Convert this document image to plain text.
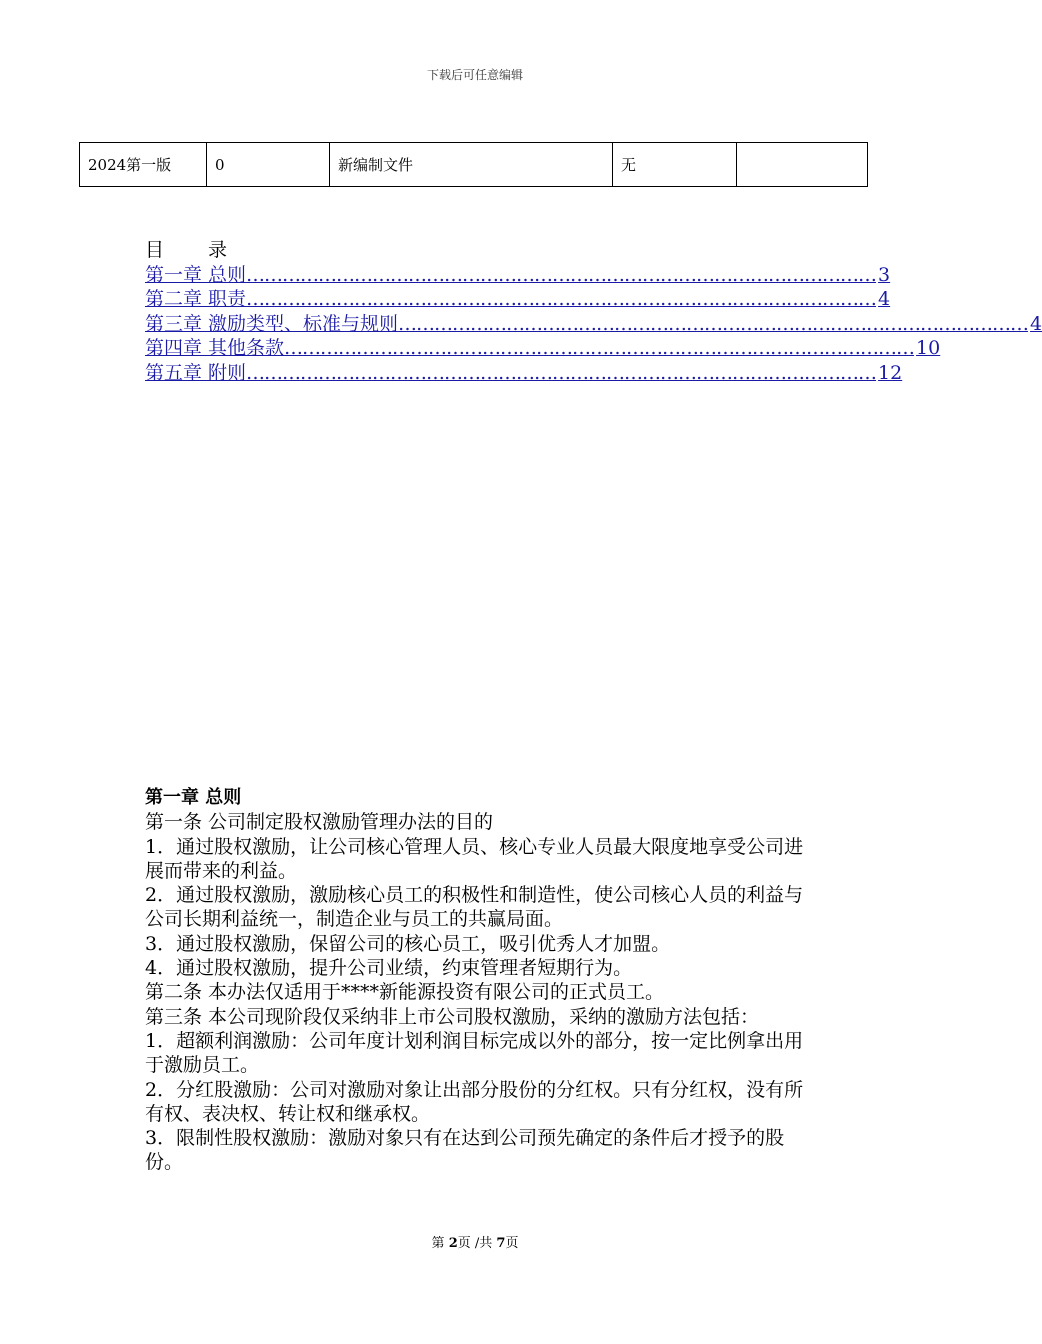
下载后可任意编辑
2024第一版	0	新编制文件	无	
目 录
第一章 总则 …………………………………………………………………………………………… 3
第二章 职责 …………………………………………………………………………………………… 4
第三章 激励类型、标准与规则 …………………………………………………………………………………………… 4
第四章 其他条款 …………………………………………………………………………………………… 10
第五章 附则 …………………………………………………………………………………………… 12

第一章 总则

第一条 公司制定股权激励管理办法的目的

1．通过股权激励，让公司核心管理人员、核心专业人员最大限度地享受公司进展而带来的利益。

2．通过股权激励，激励核心员工的积极性和制造性，使公司核心人员的利益与公司长期利益统一，制造企业与员工的共赢局面。

3．通过股权激励，保留公司的核心员工，吸引优秀人才加盟。

4．通过股权激励，提升公司业绩，约束管理者短期行为。

第二条 本办法仅适用于****新能源投资有限公司的正式员工。

第三条 本公司现阶段仅采纳非上市公司股权激励，采纳的激励方法包括：

1．超额利润激励：公司年度计划利润目标完成以外的部分，按一定比例拿出用于激励员工。

2．分红股激励：公司对激励对象让出部分股份的分红权。只有分红权，没有所有权、表决权、转让权和继承权。

3．限制性股权激励：激励对象只有在达到公司预先确定的条件后才授予的股份。

第 2页 /共 7页
